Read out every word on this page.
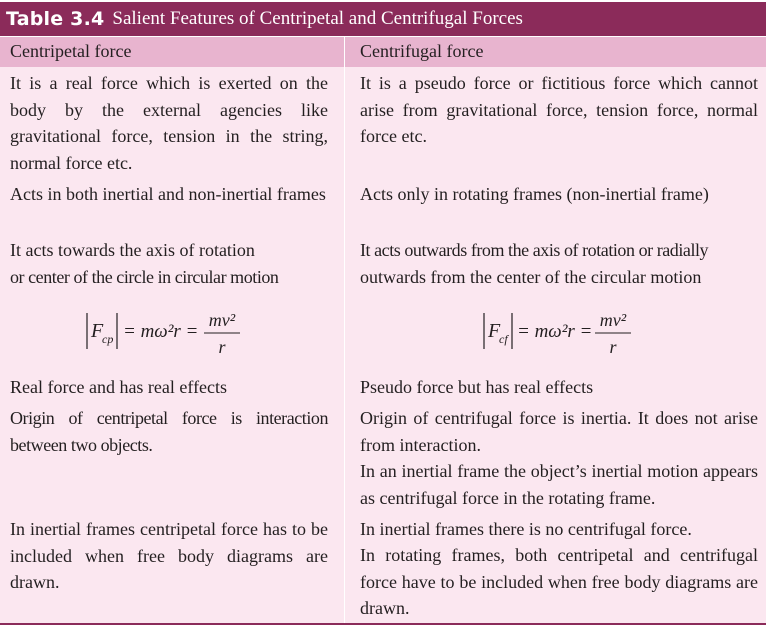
Table 3.4 Salient Features of Centripetal and Centrifugal Forces
Centripetal force	Centrifugal force
It is a real force which is exerted on the body by the external agencies like gravitational force, tension in the string, normal force etc.
It is a pseudo force or fictitious force which cannot arise from gravitational force, tension force, normal force etc.
Acts in both inertial and non-inertial frames Acts only in rotating frames (non-inertial frame)
It acts towards the axis of rotation
or center of the circle in circular motion
It acts outwards from the axis of rotation or radially
outwards from the center of the circular motion
F
cp = mω²r =
mv²
r
F
cf = mω²r =
mv²
r
Real force and has real effects	Pseudo force but has real effects
Origin of centripetal force is interaction between two objects.
Origin of centrifugal force is inertia. It does not arise from interaction.
In an inertial frame the object’s inertial motion appears as centrifugal force in the rotating frame.
In inertial frames centripetal force has to be included when free body diagrams are drawn.
In inertial frames there is no centrifugal force.
In rotating frames, both centripetal and centrifugal force have to be included when free body diagrams are drawn.
